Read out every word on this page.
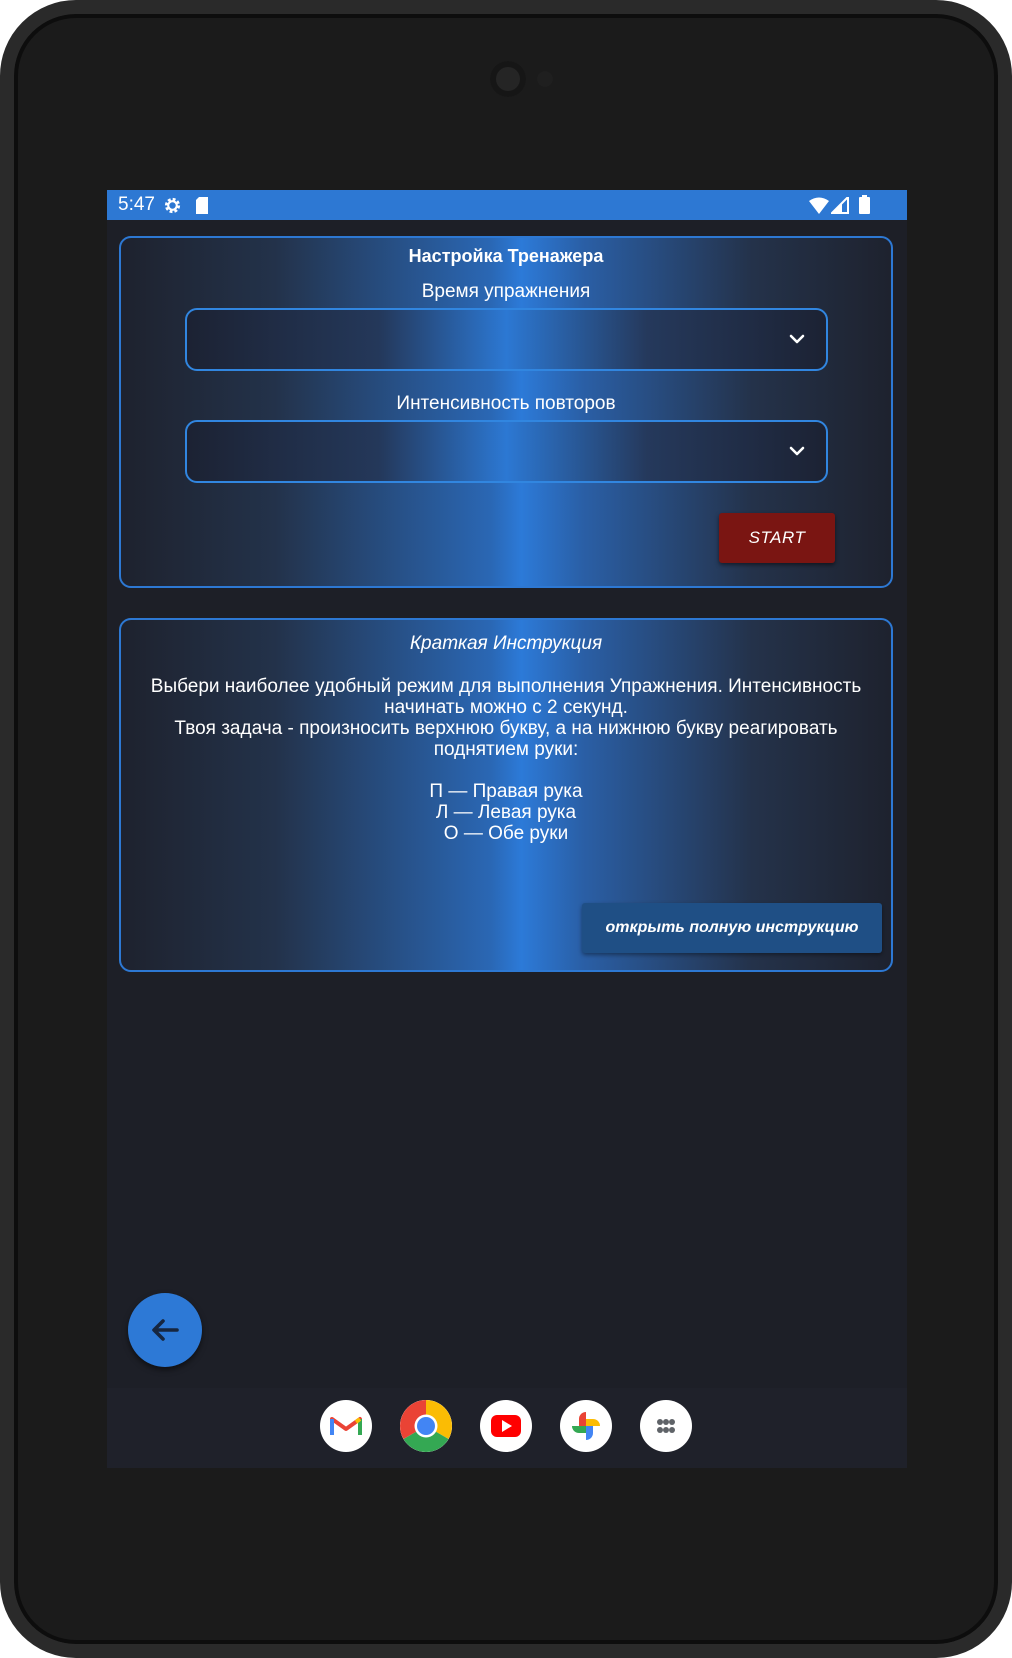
5:47
Настройка Тренажера
Время упражнения
Интенсивность повторов
START
Краткая Инструкция
Выбери наиболее удобный режим для выполнения Упражнения. Интенсивность
начинать можно с 2 секунд.
Твоя задача - произносить верхнюю букву, а на нижнюю букву реагировать
поднятием руки:
П — Правая рука
Л — Левая рука
О — Обе руки
открыть полную инструкцию
